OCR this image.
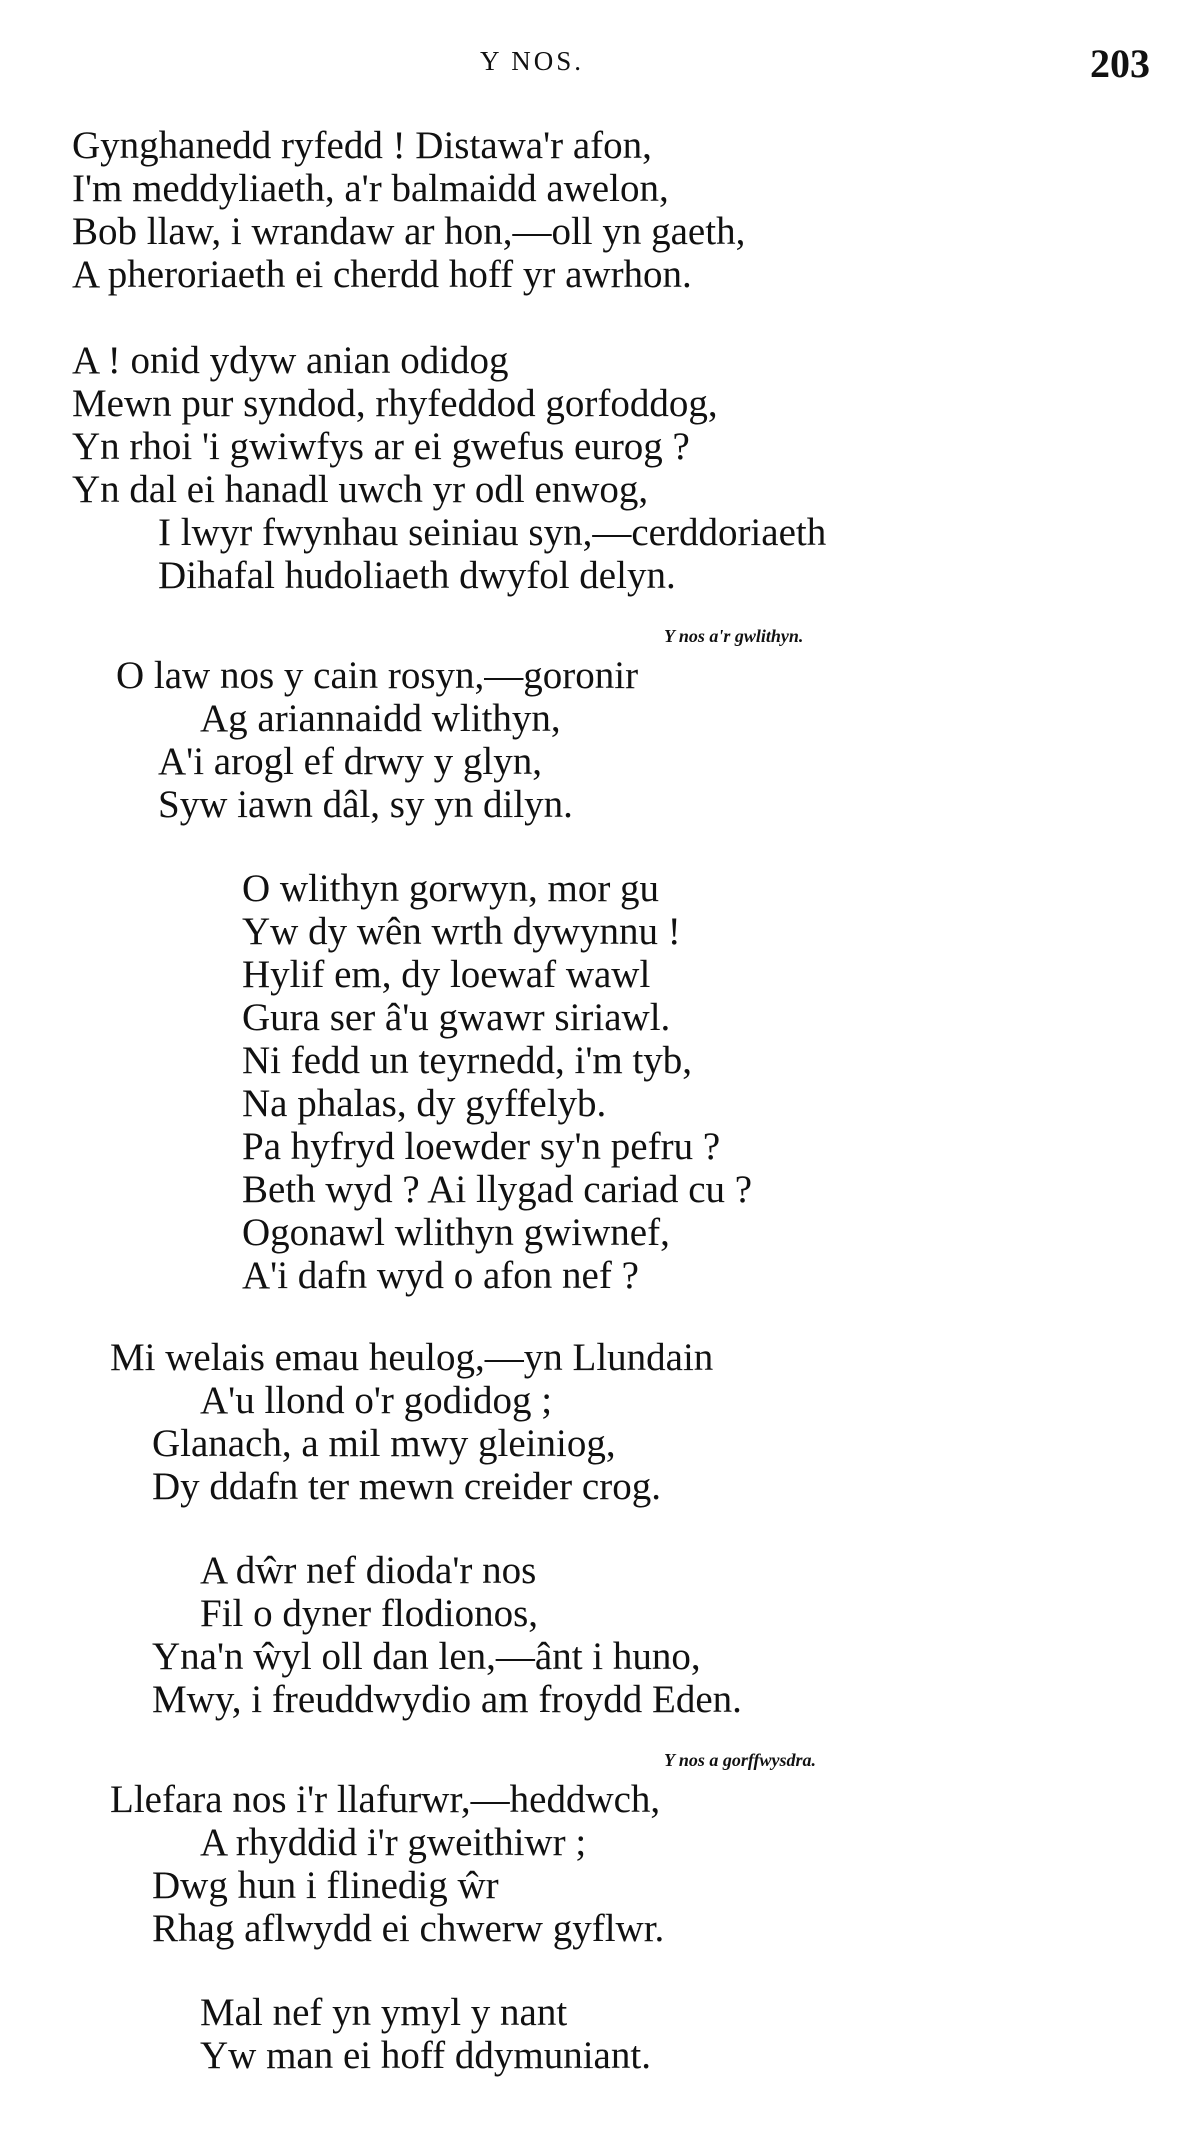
Y NOS.	203
Gynghanedd ryfedd ! Distawa'r afon,
I'm meddyliaeth, a'r balmaidd awelon,
Bob llaw, i wrandaw ar hon,—oll yn gaeth,
A pheroriaeth ei cherdd hoff yr awrhon.
A ! onid ydyw anian odidog
Mewn pur syndod, rhyfeddod gorfoddog,
Yn rhoi 'i gwiwfys ar ei gwefus eurog ?
Yn dal ei hanadl uwch yr odl enwog,
I lwyr fwynhau seiniau syn,—cerddoriaeth
Dihafal hudoliaeth dwyfol delyn.
Y nos a'r gwlithyn.
O law nos y cain rosyn,—goronir
Ag ariannaidd wlithyn,
A'i arogl ef drwy y glyn,
Syw iawn dâl, sy yn dilyn.
O wlithyn gorwyn, mor gu
Yw dy wên wrth dywynnu !
Hylif em, dy loewaf wawl
Gura ser â'u gwawr siriawl.
Ni fedd un teyrnedd, i'm tyb,
Na phalas, dy gyffelyb.
Pa hyfryd loewder sy'n pefru ?
Beth wyd ? Ai llygad cariad cu ?
Ogonawl wlithyn gwiwnef,
A'i dafn wyd o afon nef ?
Mi welais emau heulog,—yn Llundain
A'u llond o'r godidog ;
Glanach, a mil mwy gleiniog,
Dy ddafn ter mewn creider crog.
A dŵr nef dioda'r nos
Fil o dyner flodionos,
Yna'n ŵyl oll dan len,—ânt i huno,
Mwy, i freuddwydio am froydd Eden.
Y nos a gorffwysdra.
Llefara nos i'r llafurwr,—heddwch,
A rhyddid i'r gweithiwr ;
Dwg hun i flinedig ŵr
Rhag aflwydd ei chwerw gyflwr.
Mal nef yn ymyl y nant
Yw man ei hoff ddymuniant.
